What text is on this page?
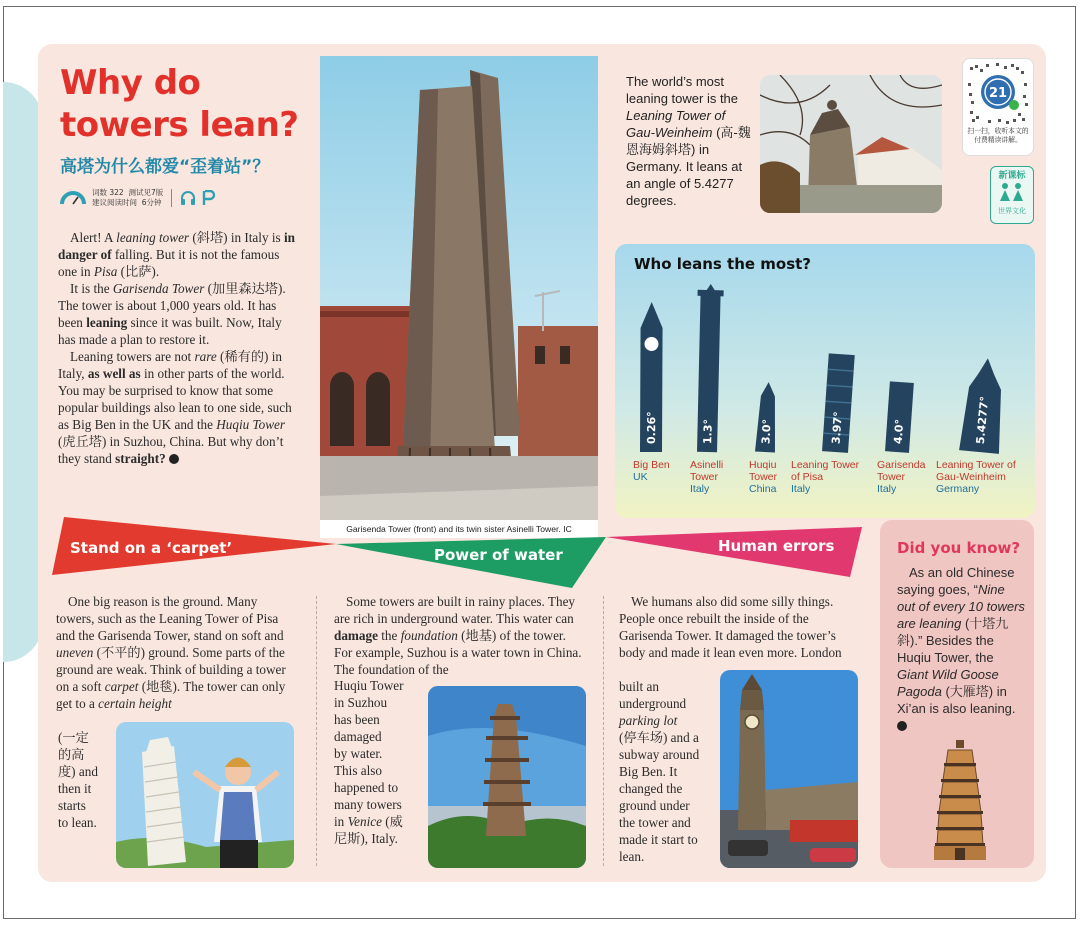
Why do towers lean?
高塔为什么都爱“歪着站”？
词数 322 测试见7版
建议阅读时间 6分钟

Alert! A leaning tower (斜塔) in Italy is in danger of falling. But it is not the famous one in Pisa (比萨).

It is the Garisenda Tower (加里森达塔). The tower is about 1,000 years old. It has been leaning since it was built. Now, Italy has made a plan to restore it.

Leaning towers are not rare (稀有的) in Italy, as well as in other parts of the world. You may be surprised to know that some popular buildings also lean to one side, such as Big Ben in the UK and the Huqiu Tower (虎丘塔) in Suzhou, China. But why don’t they stand straight?

Garisenda Tower (front) and its twin sister Asinelli Tower. IC
The world’s most leaning tower is the Leaning Tower of Gau-Weinheim (高-魏恩海姆斜塔) in Germany. It leans at an angle of 5.4277 degrees.
21
扫一扫，收听本文的付费精读讲解。
新课标
世界文化
Who leans the most?
0.26°
Big Ben
UK
1.3°
Asinelli
Tower
Italy
3.0°
Huqiu
Tower
China
3.97°
Leaning Tower
of Pisa
Italy
4.0°
Garisenda
Tower
Italy
5.4277°
Leaning Tower of
Gau-Weinheim
Germany
Stand on a ‘carpet’	Power of water	Human errors

One big reason is the ground. Many towers, such as the Leaning Tower of Pisa and the Garisenda Tower, stand on soft and uneven (不平的) ground. Some parts of the ground are weak. Think of building a tower on a soft carpet (地毯). The tower can only get to a certain height

(一定
的高
度) and
then it
starts
to lean.

Some towers are built in rainy places. They are rich in underground water. This water can damage the foundation (地基) of the tower. For example, Suzhou is a water town in China. The foundation of the

Huqiu Tower
in Suzhou
has been
damaged
by water.
This also
happened to
many towers
in Venice (威
尼斯), Italy.

We humans also did some silly things. People once rebuilt the inside of the Garisenda Tower. It damaged the tower’s body and made it lean even more. London

built an
underground
parking lot
(停车场) and a
subway around
Big Ben. It
changed the
ground under
the tower and
made it start to
lean.
Did you know?

As an old Chinese saying goes, “Nine out of every 10 towers are leaning (十塔九斜).” Besides the Huqiu Tower, the Giant Wild Goose Pagoda (大雁塔) in Xi’an is also leaning.
